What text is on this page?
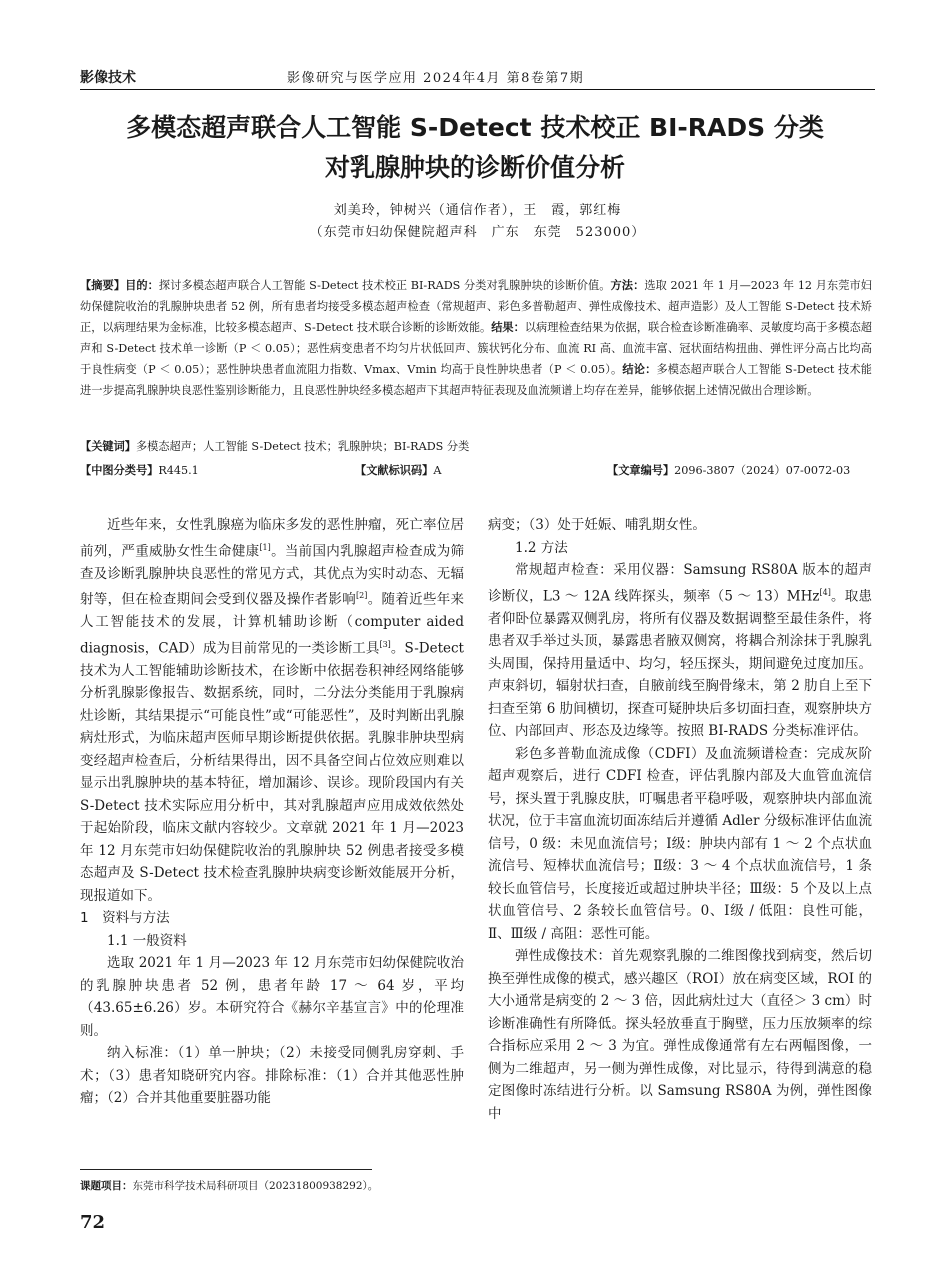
影像技术	影像研究与医学应用 2024年4月 第8卷第7期
多模态超声联合人工智能 S-Detect 技术校正 BI-RADS 分类
对乳腺肿块的诊断价值分析
刘美玲，钟树兴（通信作者），王　霞，郭红梅
（东莞市妇幼保健院超声科　广东　东莞　523000）
【摘要】目的：探讨多模态超声联合人工智能 S-Detect 技术校正 BI-RADS 分类对乳腺肿块的诊断价值。方法：选取 2021 年 1 月—2023 年 12 月东莞市妇幼保健院收治的乳腺肿块患者 52 例，所有患者均接受多模态超声检查（常规超声、彩色多普勒超声、弹性成像技术、超声造影）及人工智能 S-Detect 技术矫正，以病理结果为金标准，比较多模态超声、S-Detect 技术联合诊断的诊断效能。结果：以病理检查结果为依据，联合检查诊断准确率、灵敏度均高于多模态超声和 S-Detect 技术单一诊断（P ＜ 0.05）；恶性病变患者不均匀片状低回声、簇状钙化分布、血流 RI 高、血流丰富、冠状面结构扭曲、弹性评分高占比均高于良性病变（P ＜ 0.05）；恶性肿块患者血流阻力指数、Vmax、Vmin 均高于良性肿块患者（P ＜ 0.05）。结论：多模态超声联合人工智能 S-Detect 技术能进一步提高乳腺肿块良恶性鉴别诊断能力，且良恶性肿块经多模态超声下其超声特征表现及血流频谱上均存在差异，能够依据上述情况做出合理诊断。
【关键词】多模态超声；人工智能 S-Detect 技术；乳腺肿块；BI-RADS 分类
【中图分类号】R445.1	【文献标识码】A	【文章编号】2096-3807（2024）07-0072-03

近些年来，女性乳腺癌为临床多发的恶性肿瘤，死亡率位居前列，严重威胁女性生命健康[1]。当前国内乳腺超声检查成为筛查及诊断乳腺肿块良恶性的常见方式，其优点为实时动态、无辐射等，但在检查期间会受到仪器及操作者影响[2]。随着近些年来人工智能技术的发展，计算机辅助诊断（computer aided diagnosis，CAD）成为目前常见的一类诊断工具[3]。S-Detect 技术为人工智能辅助诊断技术，在诊断中依据卷积神经网络能够分析乳腺影像报告、数据系统，同时，二分法分类能用于乳腺病灶诊断，其结果提示“可能良性”或“可能恶性”，及时判断出乳腺病灶形式，为临床超声医师早期诊断提供依据。乳腺非肿块型病变经超声检查后，分析结果得出，因不具备空间占位效应则难以显示出乳腺肿块的基本特征，增加漏诊、误诊。现阶段国内有关 S-Detect 技术实际应用分析中，其对乳腺超声应用成效依然处于起始阶段，临床文献内容较少。文章就 2021 年 1 月—2023 年 12 月东莞市妇幼保健院收治的乳腺肿块 52 例患者接受多模态超声及 S-Detect 技术检查乳腺肿块病变诊断效能展开分析，现报道如下。

1　资料与方法
1.1 一般资料

选取 2021 年 1 月—2023 年 12 月东莞市妇幼保健院收治的乳腺肿块患者 52 例，患者年龄 17 ～ 64 岁，平均（43.65±6.26）岁。本研究符合《赫尔辛基宣言》中的伦理准则。

纳入标准：（1）单一肿块；（2）未接受同侧乳房穿刺、手术；（3）患者知晓研究内容。排除标准：（1）合并其他恶性肿瘤；（2）合并其他重要脏器功能

病变；（3）处于妊娠、哺乳期女性。

1.2 方法

常规超声检查：采用仪器：Samsung RS80A 版本的超声诊断仪，L3 ～ 12A 线阵探头，频率（5 ～ 13）MHz[4]。取患者仰卧位暴露双侧乳房，将所有仪器及数据调整至最佳条件，将患者双手举过头顶，暴露患者腋双侧窝，将耦合剂涂抹于乳腺乳头周围，保持用量适中、均匀，轻压探头，期间避免过度加压。声束斜切，辐射状扫查，自腋前线至胸骨缘末，第 2 肋自上至下扫查至第 6 肋间横切，探查可疑肿块后多切面扫查，观察肿块方位、内部回声、形态及边缘等。按照 BI-RADS 分类标准评估。

彩色多普勒血流成像（CDFI）及血流频谱检查：完成灰阶超声观察后，进行 CDFI 检查，评估乳腺内部及大血管血流信号，探头置于乳腺皮肤，叮嘱患者平稳呼吸，观察肿块内部血流状况，位于丰富血流切面冻结后并遵循 Adler 分级标准评估血流信号，0 级：未见血流信号；Ⅰ级：肿块内部有 1 ～ 2 个点状血流信号、短棒状血流信号；Ⅱ级：3 ～ 4 个点状血流信号，1 条较长血管信号，长度接近或超过肿块半径；Ⅲ级：5 个及以上点状血管信号、2 条较长血管信号。0、Ⅰ级 / 低阻：良性可能，Ⅱ、Ⅲ级 / 高阻：恶性可能。

弹性成像技术：首先观察乳腺的二维图像找到病变，然后切换至弹性成像的模式，感兴趣区（ROI）放在病变区域，ROI 的大小通常是病变的 2 ～ 3 倍，因此病灶过大（直径＞ 3 cm）时诊断准确性有所降低。探头轻放垂直于胸壁，压力压放频率的综合指标应采用 2 ～ 3 为宜。弹性成像通常有左右两幅图像，一侧为二维超声，另一侧为弹性成像，对比显示，待得到满意的稳定图像时冻结进行分析。以 Samsung RS80A 为例，弹性图像中

课题项目：东莞市科学技术局科研项目（20231800938292）。
72
